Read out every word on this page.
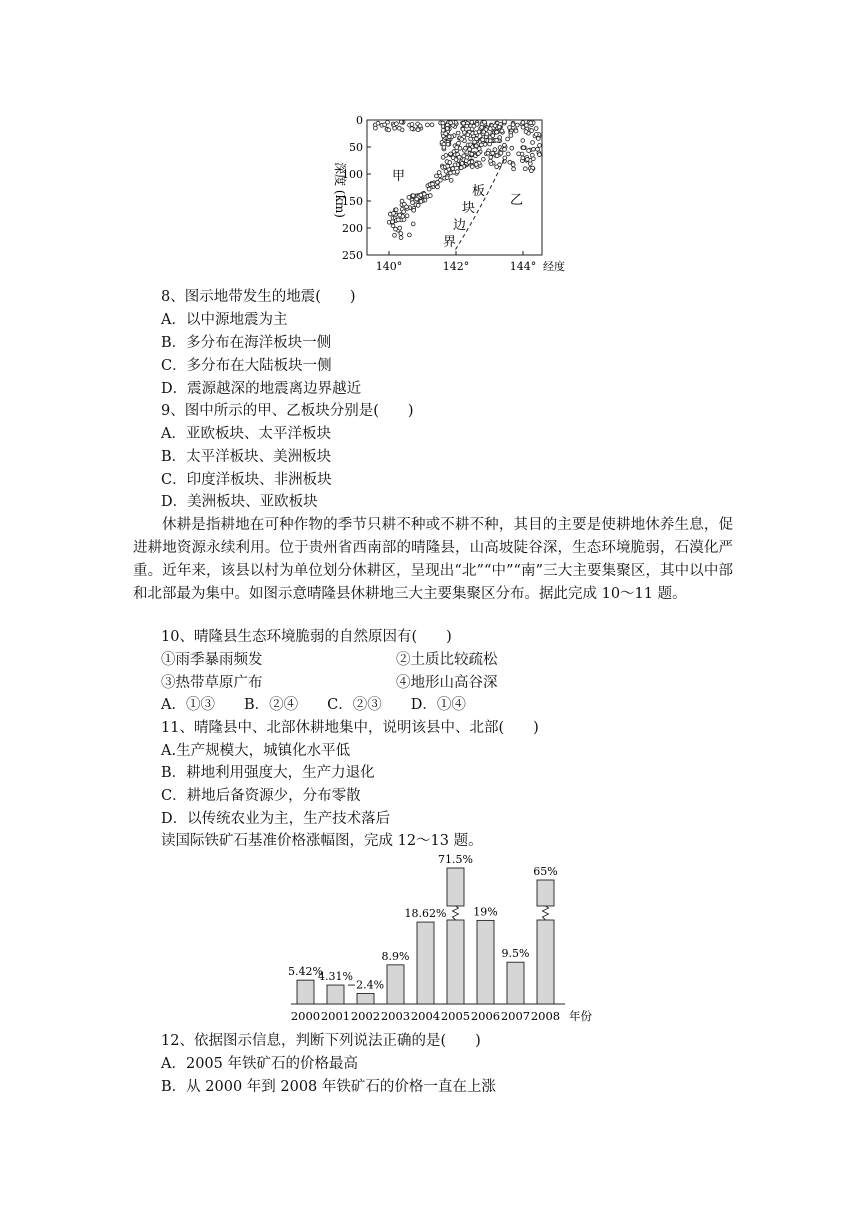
深度 (km)
0
50
100
150
200
250
140°	142°	144° 经度
甲
乙
板
块
边
界
8、图示地带发生的地震(　　)
A．以中源地震为主
B．多分布在海洋板块一侧
C．多分布在大陆板块一侧
D．震源越深的地震离边界越近
9、图中所示的甲、乙板块分别是(　　)
A．亚欧板块、太平洋板块
B．太平洋板块、美洲板块
C．印度洋板块、非洲板块
D．美洲板块、亚欧板块
休耕是指耕地在可种作物的季节只耕不种或不耕不种，其目的主要是使耕地休养生息，促进耕地资源永续利用。位于贵州省西南部的晴隆县，山高坡陡谷深，生态环境脆弱，石漠化严重。近年来，该县以村为单位划分休耕区，呈现出“北”“中”“南”三大主要集聚区，其中以中部和北部最为集中。如图示意晴隆县休耕地三大主要集聚区分布。据此完成 10～11 题。
10、晴隆县生态环境脆弱的自然原因有(　　)
①雨季暴雨频发	②土质比较疏松
③热带草原广布	④地形山高谷深
A．①③　　B．②④　　C．②③　　D．①④
11、晴隆县中、北部休耕地集中，说明该县中、北部(　　)
A.生产规模大，城镇化水平低
B．耕地利用强度大，生产力退化
C．耕地后备资源少，分布零散
D．以传统农业为主，生产技术落后
读国际铁矿石基准价格涨幅图，完成 12～13 题。
5.42%
2000
4.31%
2001
−2.4%
2002
8.9%
2003
18.62%
2004
71.5%
2005
19%
2006
9.5%
2007
65%
2008 年份
12、依据图示信息，判断下列说法正确的是(　　)
A．2005 年铁矿石的价格最高
B．从 2000 年到 2008 年铁矿石的价格一直在上涨
